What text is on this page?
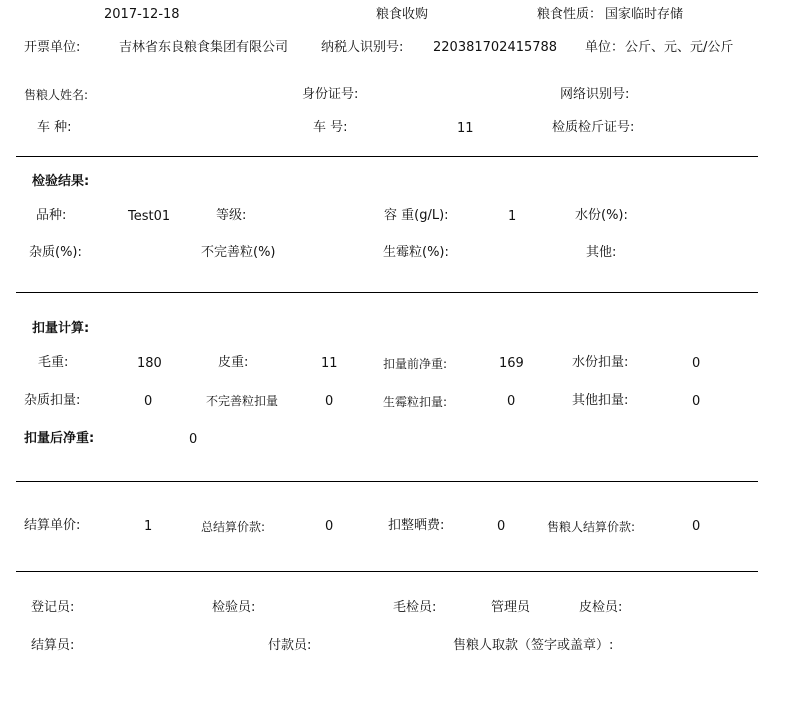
2017-12-18	粮食收购	粮食性质： 国家临时存储
开票单位:	吉林省东良粮食集团有限公司	纳税人识别号: 220381702415788 单位： 公斤、元、元/公斤
售粮人姓名:	身份证号:	网络识别号:
车 种:	车 号:	11	检质检斤证号:
检验结果:
品种:	Test01	等级:	容 重(g/L):	1	水份(%):
杂质(%):	不完善粒(%)	生霉粒(%):	其他:
扣量计算:
毛重:	180	皮重:	11	扣量前净重:	169	水份扣量:	0
杂质扣量:	0	不完善粒扣量	0	生霉粒扣量:	0	其他扣量:	0
扣量后净重:	0
结算单价:	1	总结算价款:	0	扣整晒费:	0	售粮人结算价款:	0
登记员:	检验员:	毛检员:	管理员	皮检员:
结算员:	付款员:	售粮人取款（签字或盖章）:
